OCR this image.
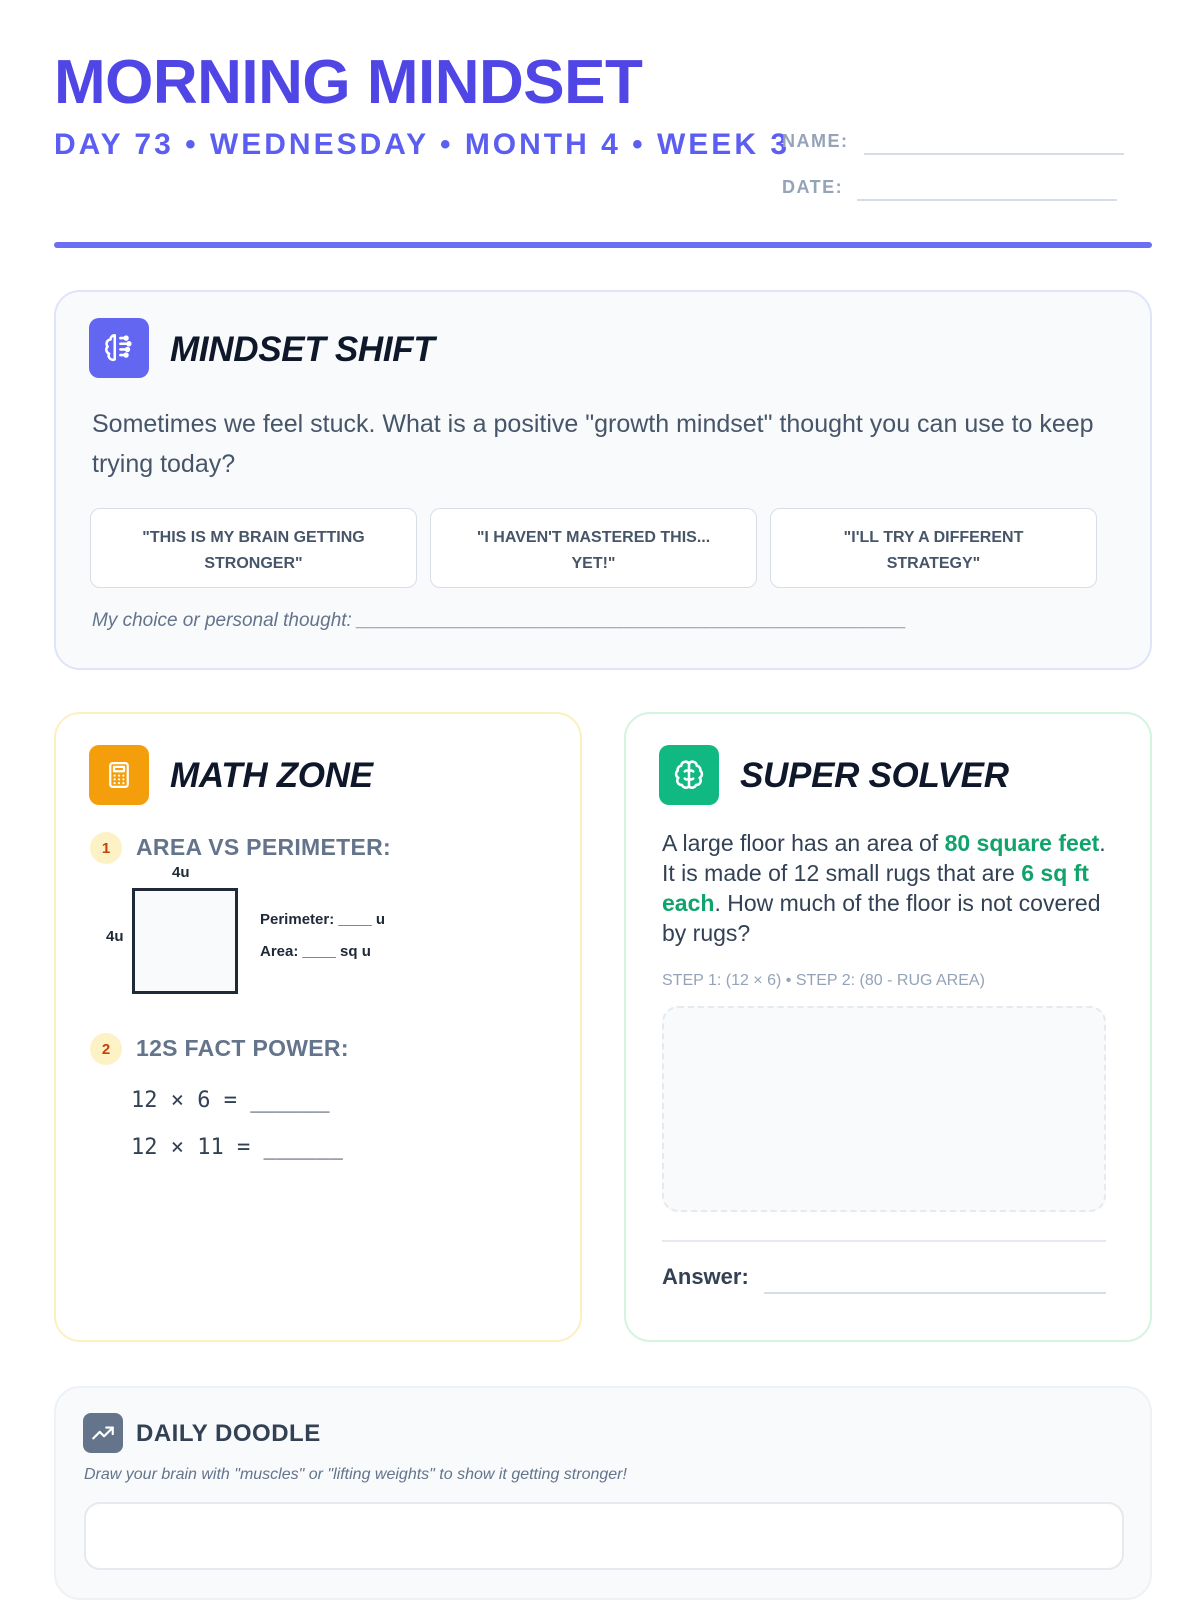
MORNING MINDSET
DAY 73 • WEDNESDAY • MONTH 4 • WEEK 3
NAME:
DATE:
MINDSET SHIFT
Sometimes we feel stuck. What is a positive "growth mindset" thought you can use to keep trying today?
"THIS IS MY BRAIN GETTING STRONGER"
"I HAVEN'T MASTERED THIS... YET!"
"I'LL TRY A DIFFERENT STRATEGY"
My choice or personal thought: ____________________________________________________
MATH ZONE
1	AREA VS PERIMETER:
4u
4u
Perimeter: ____ u
Area: ____ sq u
2	12S FACT POWER:
12 × 6 = ______
12 × 11 = ______
SUPER SOLVER
A large floor has an area of 80 square feet. It is made of 12 small rugs that are 6 sq ft each. How much of the floor is not covered by rugs?
STEP 1: (12 × 6) • STEP 2: (80 - RUG AREA)
Answer:
DAILY DOODLE
Draw your brain with "muscles" or "lifting weights" to show it getting stronger!
